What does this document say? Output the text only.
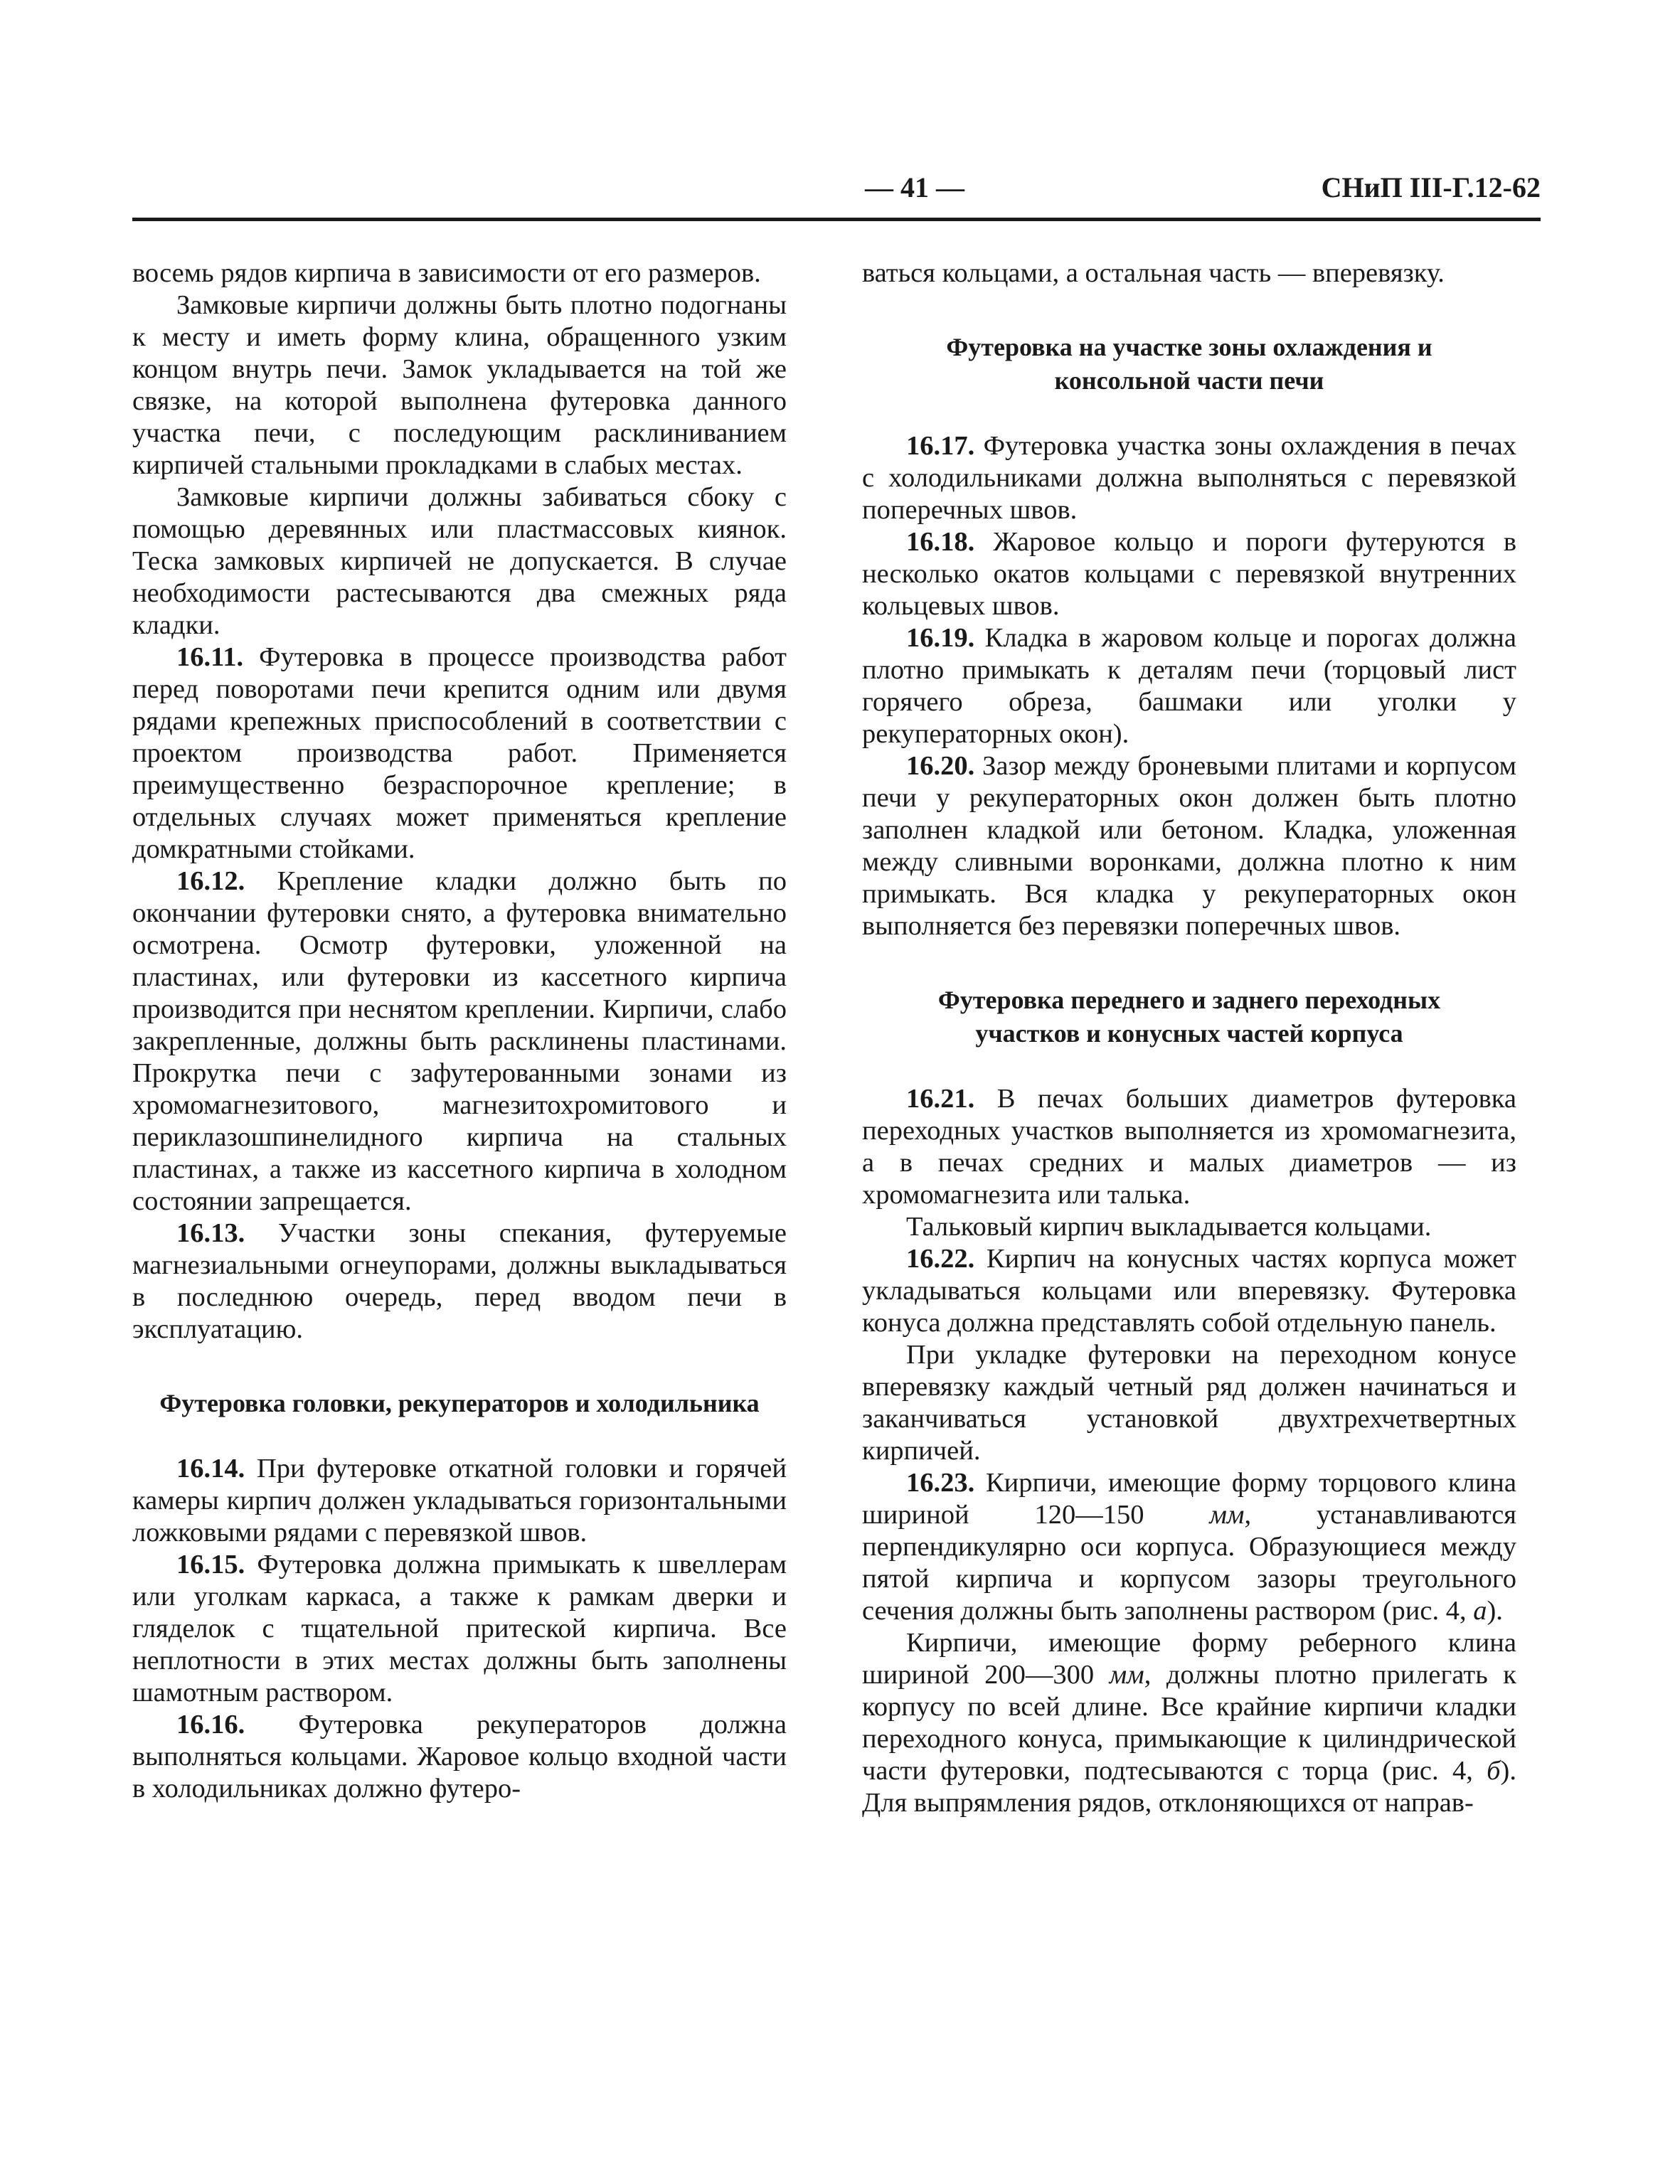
— 41 —	СНиП III-Г.12-62

восемь рядов кирпича в зависимости от его размеров.

Замковые кирпичи должны быть плотно подогнаны к месту и иметь форму клина, обращенного узким концом внутрь печи. Замок укладывается на той же связке, на которой выполнена футеровка данного участка печи, с последующим расклиниванием кирпичей стальными прокладками в слабых местах.

Замковые кирпичи должны забиваться сбоку с помощью деревянных или пластмассовых киянок. Теска замковых кирпичей не допускается. В случае необходимости растесываются два смежных ряда кладки.

16.11. Футеровка в процессе производства работ перед поворотами печи крепится одним или двумя рядами крепежных приспособлений в соответствии с проектом производства работ. Применяется преимущественно безраспорочное крепление; в отдельных случаях может применяться крепление домкратными стойками.

16.12. Крепление кладки должно быть по окончании футеровки снято, а футеровка внимательно осмотрена. Осмотр футеровки, уложенной на пластинах, или футеровки из кассетного кирпича производится при неснятом креплении. Кирпичи, слабо закрепленные, должны быть расклинены пластинами. Прокрутка печи с зафутерованными зонами из хромомагнезитового, магнезитохромитового и периклазошпинелидного кирпича на стальных пластинах, а также из кассетного кирпича в холодном состоянии запрещается.

16.13. Участки зоны спекания, футеруемые магнезиальными огнеупорами, должны выкладываться в последнюю очередь, перед вводом печи в эксплуатацию.

Футеровка головки, рекуператоров и холодильника

16.14. При футеровке откатной головки и горячей камеры кирпич должен укладываться горизонтальными ложковыми рядами с перевязкой швов.

16.15. Футеровка должна примыкать к швеллерам или уголкам каркаса, а также к рамкам дверки и гляделок с тщательной притеской кирпича. Все неплотности в этих местах должны быть заполнены шамотным раствором.

16.16. Футеровка рекуператоров должна выполняться кольцами. Жаровое кольцо входной части в холодильниках должно футеро-

ваться кольцами, а остальная часть — вперевязку.

Футеровка на участке зоны охлаждения и консольной части печи

16.17. Футеровка участка зоны охлаждения в печах с холодильниками должна выполняться с перевязкой поперечных швов.

16.18. Жаровое кольцо и пороги футеруются в несколько окатов кольцами с перевязкой внутренних кольцевых швов.

16.19. Кладка в жаровом кольце и порогах должна плотно примыкать к деталям печи (торцовый лист горячего обреза, башмаки или уголки у рекуператорных окон).

16.20. Зазор между броневыми плитами и корпусом печи у рекуператорных окон должен быть плотно заполнен кладкой или бетоном. Кладка, уложенная между сливными воронками, должна плотно к ним примыкать. Вся кладка у рекуператорных окон выполняется без перевязки поперечных швов.

Футеровка переднего и заднего переходных участков и конусных частей корпуса

16.21. В печах больших диаметров футеровка переходных участков выполняется из хромомагнезита, а в печах средних и малых диаметров — из хромомагнезита или талька.

Тальковый кирпич выкладывается кольцами.

16.22. Кирпич на конусных частях корпуса может укладываться кольцами или вперевязку. Футеровка конуса должна представлять собой отдельную панель.

При укладке футеровки на переходном конусе вперевязку каждый четный ряд должен начинаться и заканчиваться установкой двухтрехчетвертных кирпичей.

16.23. Кирпичи, имеющие форму торцового клина шириной 120—150 мм, устанавливаются перпендикулярно оси корпуса. Образующиеся между пятой кирпича и корпусом зазоры треугольного сечения должны быть заполнены раствором (рис. 4, а).

Кирпичи, имеющие форму реберного клина шириной 200—300 мм, должны плотно прилегать к корпусу по всей длине. Все крайние кирпичи кладки переходного конуса, примыкающие к цилиндрической части футеровки, подтесываются с торца (рис. 4, б). Для выпрямления рядов, отклоняющихся от направ-
